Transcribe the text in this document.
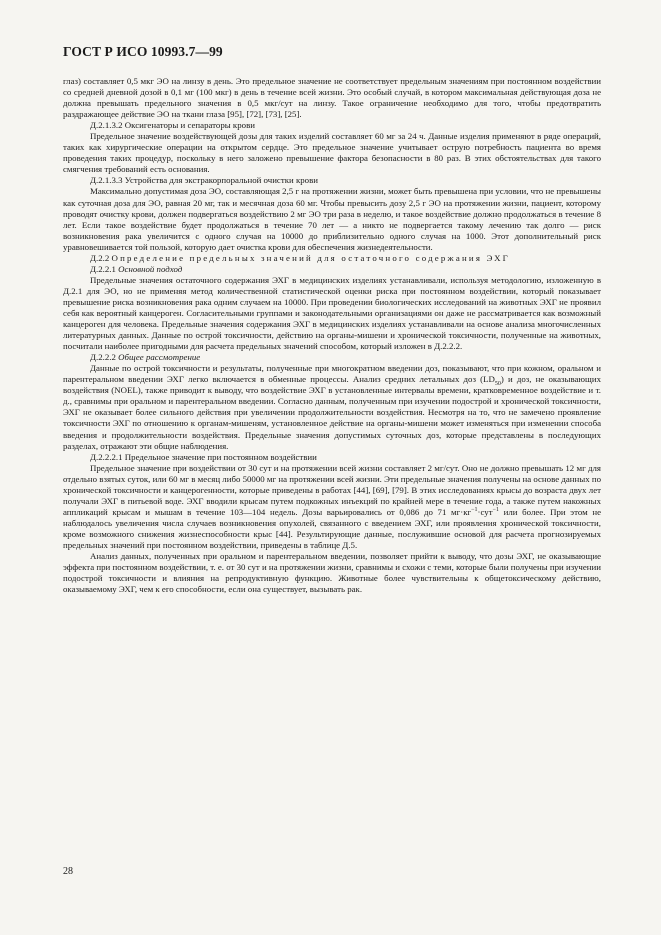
ГОСТ Р ИСО 10993.7—99

глаз) составляет 0,5 мкг ЭО на линзу в день. Это предельное значение не соответствует предельным значениям при постоянном воздействии со средней дневной дозой в 0,1 мг (100 мкг) в день в течение всей жизни. Это особый случай, в котором максимальная действующая доза не должна превышать предельного значения в 0,5 мкг/сут на линзу. Такое ограничение необходимо для того, чтобы предотвратить раздражающее действие ЭО на ткани глаза [95], [72], [73], [25].

Д.2.1.3.2 Оксигенаторы и сепараторы крови

Предельное значение воздействующей дозы для таких изделий составляет 60 мг за 24 ч. Данные изделия применяют в ряде операций, таких как хирургические операции на открытом сердце. Это предельное значение учитывает острую потребность пациента во время проведения таких процедур, поскольку в него заложено превышение фактора безопасности в 80 раз. В этих обстоятельствах для такого смягчения требований есть основания.

Д.2.1.3.3 Устройства для экстракорпоральной очистки крови

Максимально допустимая доза ЭО, составляющая 2,5 г на протяжении жизни, может быть превышена при условии, что не превышены как суточная доза для ЭО, равная 20 мг, так и месячная доза 60 мг. Чтобы превысить дозу 2,5 г ЭО на протяжении жизни, пациент, которому проводят очистку крови, должен подвергаться воздействию 2 мг ЭО три раза в неделю, и такое воздействие должно продолжаться в течение 8 лет. Если такое воздействие будет продолжаться в течение 70 лет — а никто не подвергается такому лечению так долго — риск возникновения рака увеличится с одного случая на 10000 до приблизительно одного случая на 1000. Этот дополнительный риск уравновешивается той пользой, которую дает очистка крови для обеспечения жизнедеятельности.

Д.2.2 Определение предельных значений для остаточного содержания ЭХГ

Д.2.2.1 Основной подход

Предельные значения остаточного содержания ЭХГ в медицинских изделиях устанавливали, используя методологию, изложенную в Д.2.1 для ЭО, но не применяя метод количественной статистической оценки риска при постоянном воздействии, который показывает превышение риска возникновения рака одним случаем на 10000. При проведении биологических исследований на животных ЭХГ не проявил себя как вероятный канцероген. Согласительными группами и законодательными организациями он даже не рассматривается как возможный канцероген для человека. Предельные значения содержания ЭХГ в медицинских изделиях устанавливали на основе анализа многочисленных литературных данных. Данные по острой токсичности, действию на органы-мишени и хронической токсичности, полученные на животных, посчитали наиболее пригодными для расчета предельных значений способом, который изложен в Д.2.2.2.

Д.2.2.2 Общее рассмотрение

Данные по острой токсичности и результаты, полученные при многократном введении доз, показывают, что при кожном, оральном и парентеральном введении ЭХГ легко включается в обменные процессы. Анализ средних летальных доз $(LD_{50})$ и доз, не оказывающих воздействия (NOEL), также приводит к выводу, что воздействие ЭХГ в установленные интервалы времени, кратковременное воздействие и т. д., сравнимы при оральном и парентеральном введении. Согласно данным, полученным при изучении подострой и хронической токсичности, ЭХГ не оказывает более сильного действия при увеличении продолжительности воздействия. Несмотря на то, что не замечено проявление токсичности ЭХГ по отношению к органам-мишеням, установленное действие на органы-мишени может изменяться при изменении способа введения и продолжительности воздействия. Предельные значения допустимых суточных доз, которые представлены в последующих разделах, отражают эти общие наблюдения.

Д.2.2.2.1 Предельное значение при постоянном воздействии

Предельное значение при воздействии от 30 сут и на протяжении всей жизни составляет 2 мг/сут. Оно не должно превышать 12 мг для отдельно взятых суток, или 60 мг в месяц либо 50000 мг на протяжении всей жизни. Эти предельные значения получены на основе данных по хронической токсичности и канцерогенности, которые приведены в работах [44], [69], [79]. В этих исследованиях крысы до возраста двух лет получали ЭХГ в питьевой воде. ЭХГ вводили крысам путем подкожных инъекций по крайней мере в течение года, а также путем накожных аппликаций крысам и мышам в течение 103—104 недель. Дозы варьировались от 0,086 до 71 $мг\cdot кг^{-1}\cdot сут^{-1}$ или более. При этом не наблюдалось увеличения числа случаев возникновения опухолей, связанного с введением ЭХГ, или проявления хронической токсичности, кроме возможного снижения жизнеспособности крыс [44]. Результирующие данные, послужившие основой для расчета прогнозируемых предельных значений при постоянном воздействии, приведены в таблице Д.5.

Анализ данных, полученных при оральном и парентеральном введении, позволяет прийти к выводу, что дозы ЭХГ, не оказывающие эффекта при постоянном воздействии, т. е. от 30 сут и на протяжении жизни, сравнимы и схожи с теми, которые были получены при изучении подострой токсичности и влияния на репродуктивную функцию. Животные более чувствительны к общетоксическому действию, оказываемому ЭХГ, чем к его способности, если она существует, вызывать рак.

28
